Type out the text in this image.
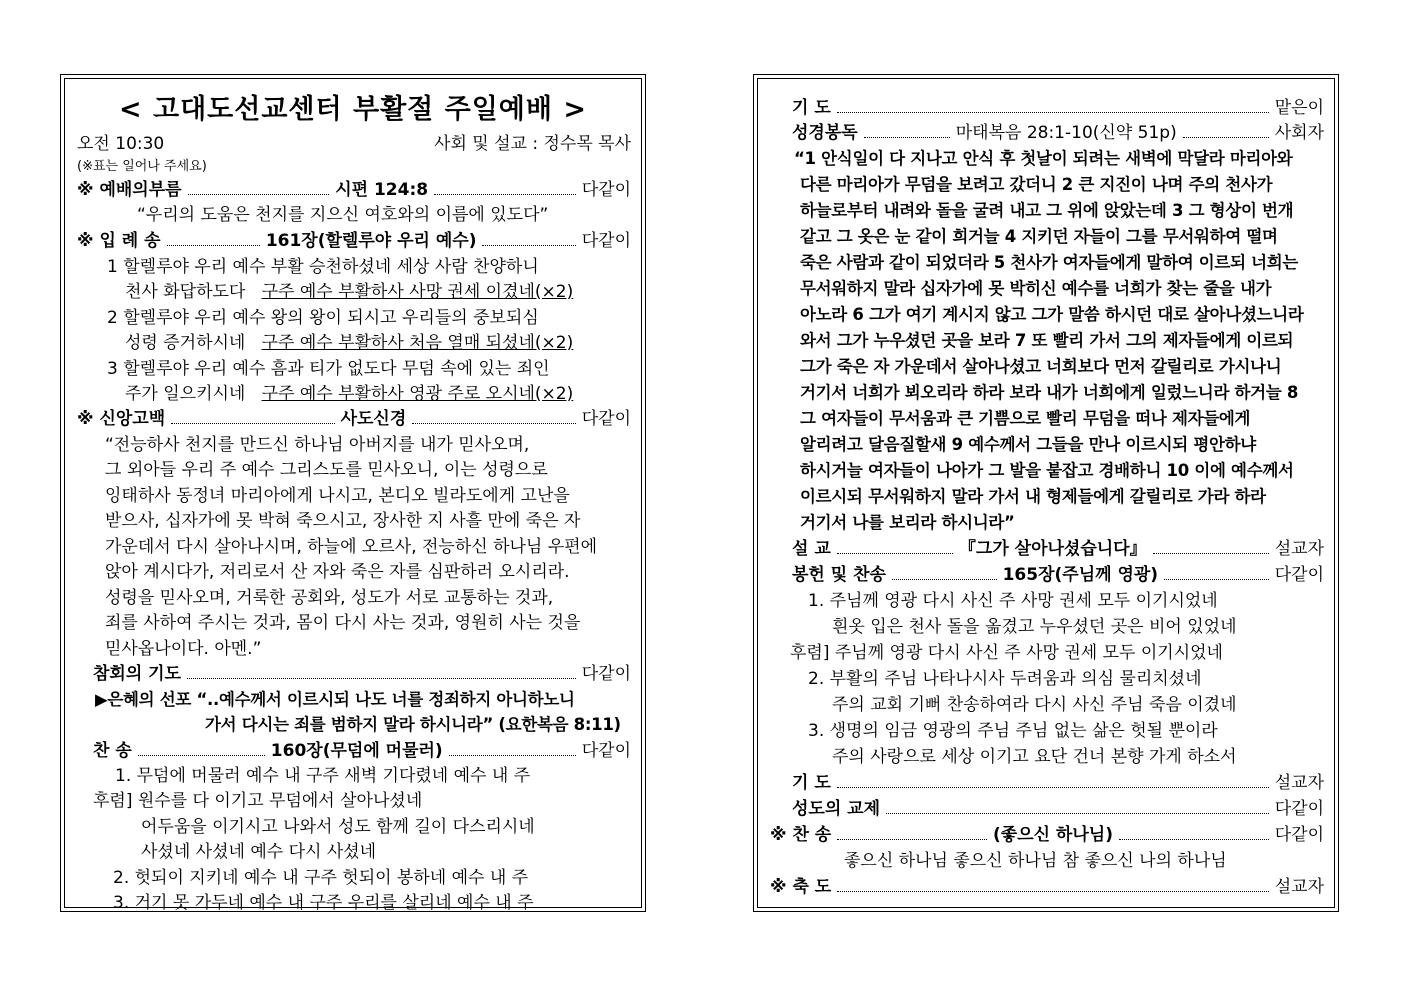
< 고대도선교센터 부활절 주일예배 >
오전 10:30	사회 및 설교 : 정수목 목사
(※표는 일어나 주세요)
※ 예배의부름	시편 124:8	다같이
“우리의 도움은 천지를 지으신 여호와의 이름에 있도다”
※ 입 례 송	161장(할렐루야 우리 예수)	다같이
1 할렐루야 우리 예수 부활 승천하셨네 세상 사람 찬양하니
천사 화답하도다 구주 예수 부활하사 사망 권세 이겼네(×2)
2 할렐루야 우리 예수 왕의 왕이 되시고 우리들의 중보되심
성령 증거하시네 구주 예수 부활하사 처음 열매 되셨네(×2)
3 할렐루야 우리 예수 흠과 티가 없도다 무덤 속에 있는 죄인
주가 일으키시네 구주 예수 부활하사 영광 주로 오시네(×2)
※ 신앙고백	사도신경	다같이
“전능하사 천지를 만드신 하나님 아버지를 내가 믿사오며,
그 외아들 우리 주 예수 그리스도를 믿사오니, 이는 성령으로
잉태하사 동정녀 마리아에게 나시고, 본디오 빌라도에게 고난을
받으사, 십자가에 못 박혀 죽으시고, 장사한 지 사흘 만에 죽은 자
가운데서 다시 살아나시며, 하늘에 오르사, 전능하신 하나님 우편에
앉아 계시다가, 저리로서 산 자와 죽은 자를 심판하러 오시리라.
성령을 믿사오며, 거룩한 공회와, 성도가 서로 교통하는 것과,
죄를 사하여 주시는 것과, 몸이 다시 사는 것과, 영원히 사는 것을
믿사옵나이다. 아멘.”
참회의 기도	다같이
▶은혜의 선포 “..예수께서 이르시되 나도 너를 정죄하지 아니하노니
가서 다시는 죄를 범하지 말라 하시니라” (요한복음 8:11)
찬 송	160장(무덤에 머물러)	다같이
1. 무덤에 머물러 예수 내 구주 새벽 기다렸네 예수 내 주
후렴] 원수를 다 이기고 무덤에서 살아나셨네
어두움을 이기시고 나와서 성도 함께 길이 다스리시네
사셨네 사셨네 예수 다시 사셨네
2. 헛되이 지키네 예수 내 구주 헛되이 봉하네 예수 내 주
3. 거기 못 가두네 예수 내 구주 우리를 살리네 예수 내 주
기 도	맡은이
성경봉독	마태복음 28:1-10(신약 51p)	사회자
“1 안식일이 다 지나고 안식 후 첫날이 되려는 새벽에 막달라 마리아와
다른 마리아가 무덤을 보려고 갔더니 2 큰 지진이 나며 주의 천사가
하늘로부터 내려와 돌을 굴려 내고 그 위에 앉았는데 3 그 형상이 번개
같고 그 옷은 눈 같이 희거늘 4 지키던 자들이 그를 무서워하여 떨며
죽은 사람과 같이 되었더라 5 천사가 여자들에게 말하여 이르되 너희는
무서워하지 말라 십자가에 못 박히신 예수를 너희가 찾는 줄을 내가
아노라 6 그가 여기 계시지 않고 그가 말씀 하시던 대로 살아나셨느니라
와서 그가 누우셨던 곳을 보라 7 또 빨리 가서 그의 제자들에게 이르되
그가 죽은 자 가운데서 살아나셨고 너희보다 먼저 갈릴리로 가시나니
거기서 너희가 뵈오리라 하라 보라 내가 너희에게 일렀느니라 하거늘 8
그 여자들이 무서움과 큰 기쁨으로 빨리 무덤을 떠나 제자들에게
알리려고 달음질할새 9 예수께서 그들을 만나 이르시되 평안하냐
하시거늘 여자들이 나아가 그 발을 붙잡고 경배하니 10 이에 예수께서
이르시되 무서워하지 말라 가서 내 형제들에게 갈릴리로 가라 하라
거기서 나를 보리라 하시니라”
설 교	『그가 살아나셨습니다』	설교자
봉헌 및 찬송	165장(주님께 영광)	다같이
1. 주님께 영광 다시 사신 주 사망 권세 모두 이기시었네
흰옷 입은 천사 돌을 옮겼고 누우셨던 곳은 비어 있었네
후렴] 주님께 영광 다시 사신 주 사망 권세 모두 이기시었네
2. 부활의 주님 나타나시사 두려움과 의심 물리치셨네
주의 교회 기뻐 찬송하여라 다시 사신 주님 죽음 이겼네
3. 생명의 임금 영광의 주님 주님 없는 삶은 헛될 뿐이라
주의 사랑으로 세상 이기고 요단 건너 본향 가게 하소서
기 도	설교자
성도의 교제	다같이
※ 찬 송	(좋으신 하나님)	다같이
좋으신 하나님 좋으신 하나님 참 좋으신 나의 하나님
※ 축 도	설교자
